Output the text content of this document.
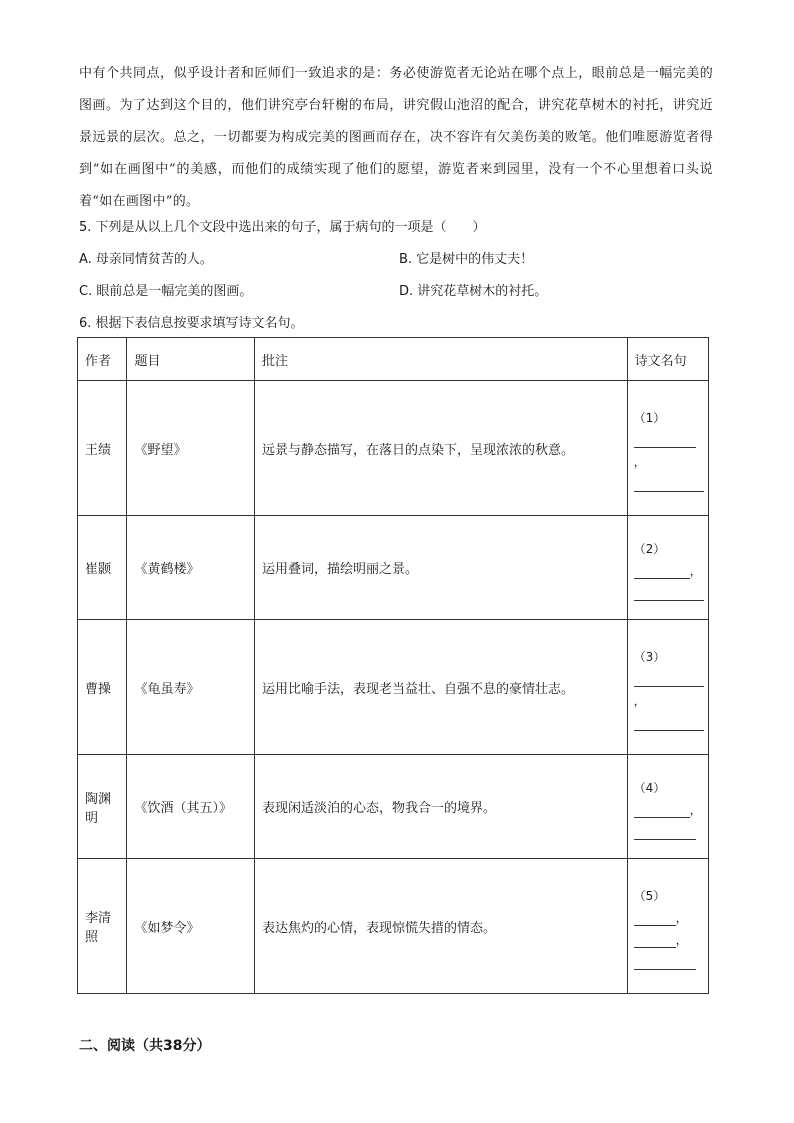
中有个共同点，似乎设计者和匠师们一致追求的是：务必使游览者无论站在哪个点上，眼前总是一幅完美的图画。为了达到这个目的，他们讲究亭台轩榭的布局，讲究假山池沼的配合，讲究花草树木的衬托，讲究近景远景的层次。总之，一切都要为构成完美的图画而存在，决不容许有欠美伤美的败笔。他们唯愿游览者得到“如在画图中”的美感，而他们的成绩实现了他们的愿望，游览者来到园里，没有一个不心里想着口头说着“如在画图中”的。
5. 下列是从以上几个文段中选出来的句子，属于病句的一项是（　　）
A. 母亲同情贫苦的人。	B. 它是树中的伟丈夫！
C. 眼前总是一幅完美的图画。	D. 讲究花草树木的衬托。
6. 根据下表信息按要求填写诗文名句。
作者	题目	批注	诗文名句
王绩	《野望》	远景与静态描写，在落日的点染下，呈现浓浓的秋意。	（1）
，

崔颢	《黄鹤楼》	运用叠词，描绘明丽之景。	（2）
，

曹操	《龟虽寿》	运用比喻手法，表现老当益壮、自强不息的豪情壮志。	（3）
，

陶渊明	《饮酒（其五）》	表现闲适淡泊的心态，物我合一的境界。	（4）
，

李清照	《如梦令》	表达焦灼的心情，表现惊慌失措的情态。	（5）
，
，
二、阅读（共38分）
